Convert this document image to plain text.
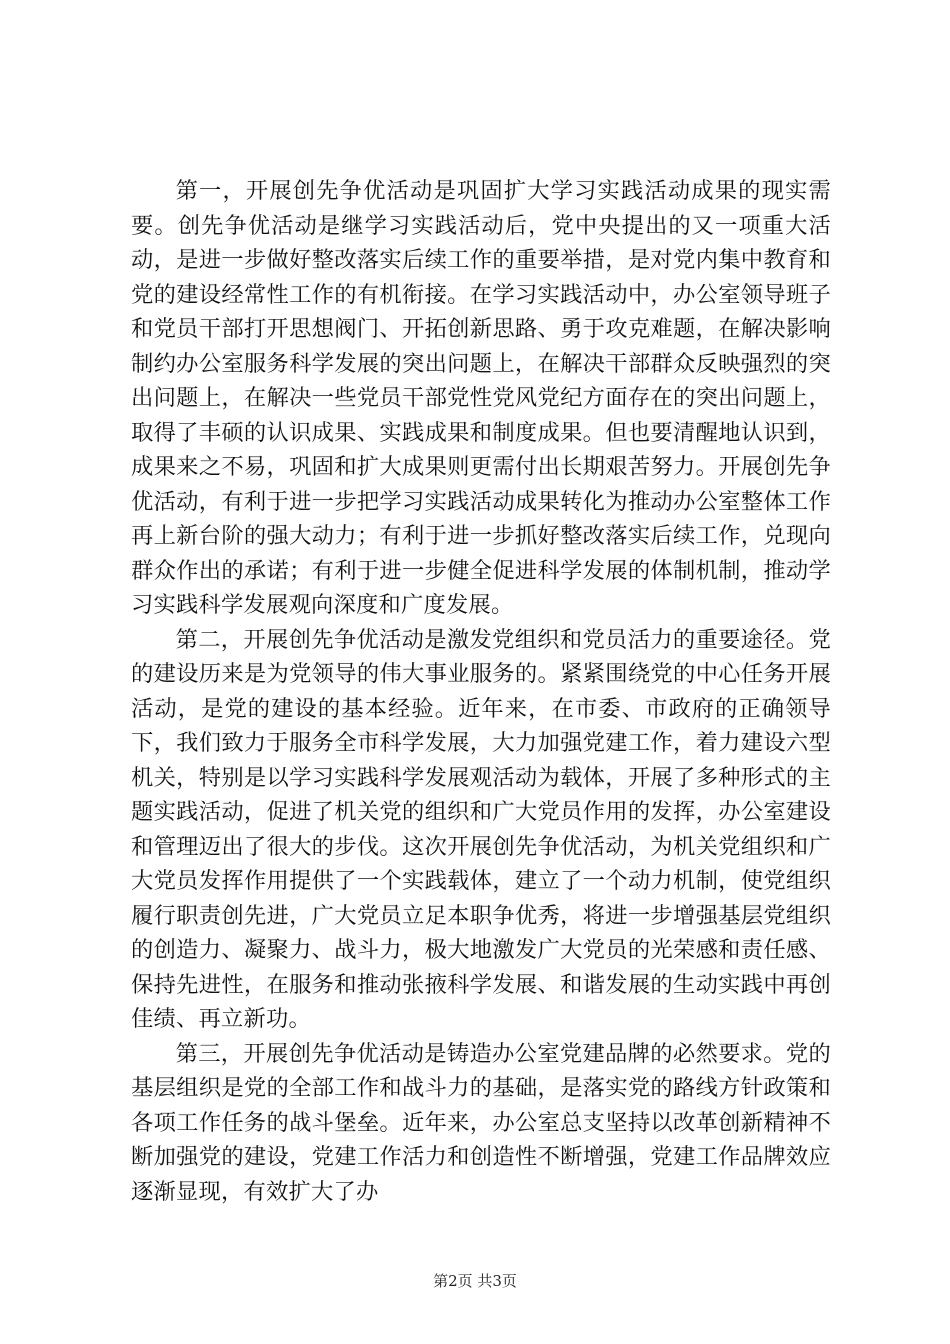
第一，开展创先争优活动是巩固扩大学习实践活动成果的现实需要。创先争优活动是继学习实践活动后，党中央提出的又一项重大活动，是进一步做好整改落实后续工作的重要举措，是对党内集中教育和党的建设经常性工作的有机衔接。在学习实践活动中，办公室领导班子和党员干部打开思想阀门、开拓创新思路、勇于攻克难题，在解决影响制约办公室服务科学发展的突出问题上，在解决干部群众反映强烈的突出问题上，在解决一些党员干部党性党风党纪方面存在的突出问题上，取得了丰硕的认识成果、实践成果和制度成果。但也要清醒地认识到，成果来之不易，巩固和扩大成果则更需付出长期艰苦努力。开展创先争优活动，有利于进一步把学习实践活动成果转化为推动办公室整体工作再上新台阶的强大动力；有利于进一步抓好整改落实后续工作，兑现向群众作出的承诺；有利于进一步健全促进科学发展的体制机制，推动学习实践科学发展观向深度和广度发展。

第二，开展创先争优活动是激发党组织和党员活力的重要途径。党的建设历来是为党领导的伟大事业服务的。紧紧围绕党的中心任务开展活动，是党的建设的基本经验。近年来，在市委、市政府的正确领导下，我们致力于服务全市科学发展，大力加强党建工作，着力建设六型机关，特别是以学习实践科学发展观活动为载体，开展了多种形式的主题实践活动，促进了机关党的组织和广大党员作用的发挥，办公室建设和管理迈出了很大的步伐。这次开展创先争优活动，为机关党组织和广大党员发挥作用提供了一个实践载体，建立了一个动力机制，使党组织履行职责创先进，广大党员立足本职争优秀，将进一步增强基层党组织的创造力、凝聚力、战斗力，极大地激发广大党员的光荣感和责任感、保持先进性，在服务和推动张掖科学发展、和谐发展的生动实践中再创佳绩、再立新功。

第三，开展创先争优活动是铸造办公室党建品牌的必然要求。党的基层组织是党的全部工作和战斗力的基础，是落实党的路线方针政策和各项工作任务的战斗堡垒。近年来，办公室总支坚持以改革创新精神不断加强党的建设，党建工作活力和创造性不断增强，党建工作品牌效应逐渐显现，有效扩大了办

第2页 共3页
